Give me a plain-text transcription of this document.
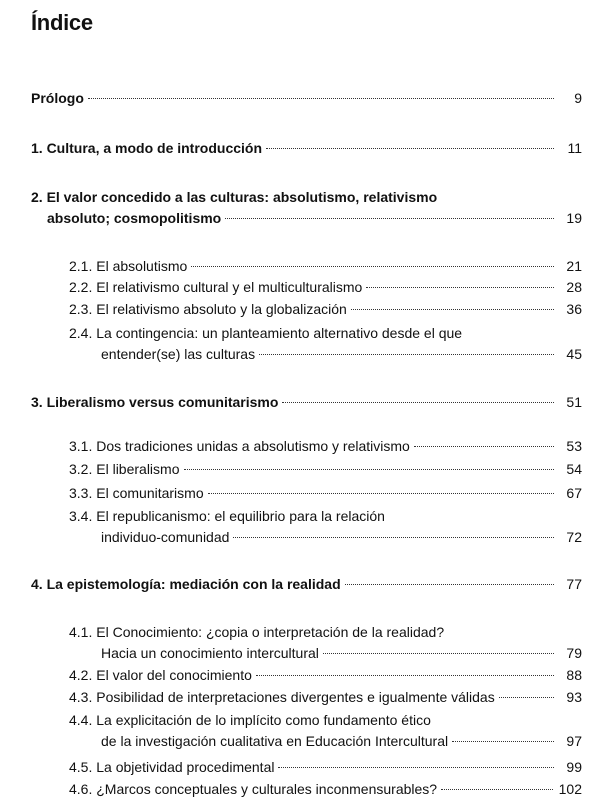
Índice
Prólogo	9
1. Cultura, a modo de introducción	11
2. El valor concedido a las culturas: absolutismo, relativismo
absoluto; cosmopolitismo	19
2.1. El absolutismo	21
2.2. El relativismo cultural y el multiculturalismo	28
2.3. El relativismo absoluto y la globalización	36
2.4. La contingencia: un planteamiento alternativo desde el que
entender(se) las culturas	45
3. Liberalismo versus comunitarismo	51
3.1. Dos tradiciones unidas a absolutismo y relativismo	53
3.2. El liberalismo	54
3.3. El comunitarismo	67
3.4. El republicanismo: el equilibrio para la relación
individuo-comunidad	72
4. La epistemología: mediación con la realidad	77
4.1. El Conocimiento: ¿copia o interpretación de la realidad?
Hacia un conocimiento intercultural	79
4.2. El valor del conocimiento	88
4.3. Posibilidad de interpretaciones divergentes e igualmente válidas	93
4.4. La explicitación de lo implícito como fundamento ético
de la investigación cualitativa en Educación Intercultural	97
4.5. La objetividad procedimental	99
4.6. ¿Marcos conceptuales y culturales inconmensurables?	102
